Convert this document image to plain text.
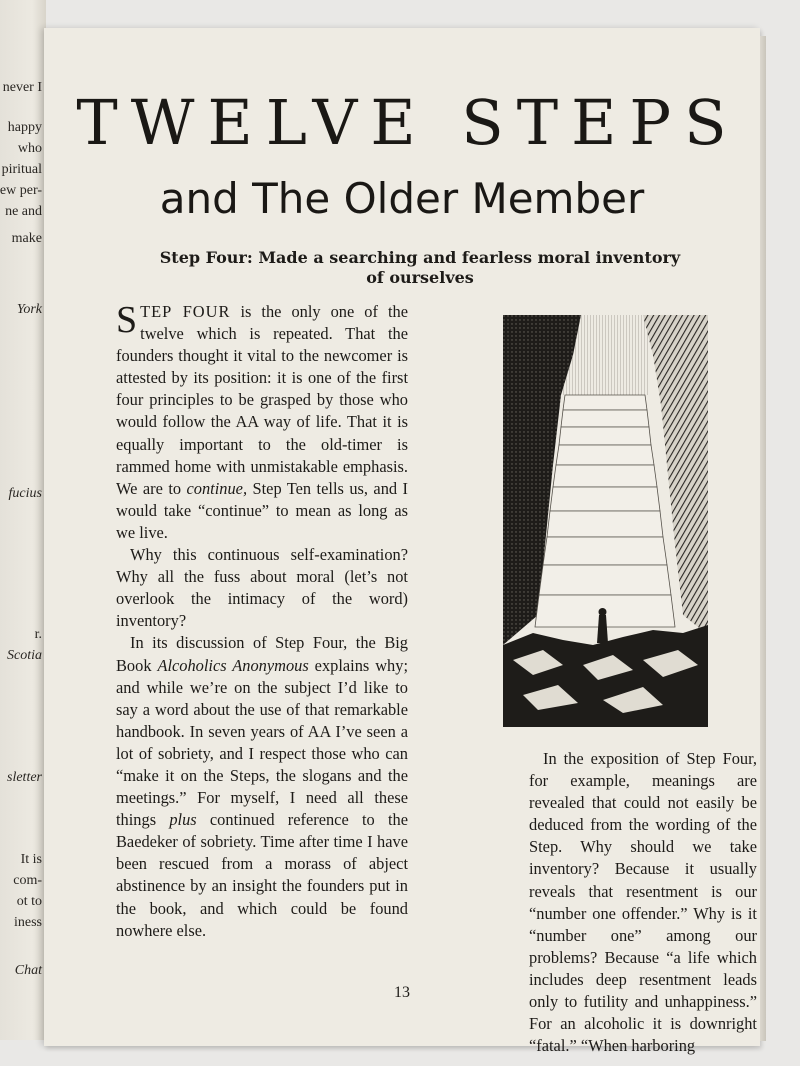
never I
happy
who
piritual
ew per-
ne and
make
York
fucius
r.
Scotia
sletter
It is
com-
ot to
iness
Chat
TWELVE STEPS
and The Older Member
Step Four: Made a searching and fearless moral inventory
of ourselves

STEP FOUR is the only one of the twelve which is repeated. That the founders thought it vital to the newcomer is attested by its position: it is one of the first four principles to be grasped by those who would follow the AA way of life. That it is equally important to the old-timer is rammed home with unmistakable emphasis. We are to continue, Step Ten tells us, and I would take “continue” to mean as long as we live.

Why this continuous self-examination? Why all the fuss about moral (let’s not overlook the intimacy of the word) inventory?

In its discussion of Step Four, the Big Book Alcoholics Anonymous explains why; and while we’re on the subject I’d like to say a word about the use of that remarkable handbook. In seven years of AA I’ve seen a lot of sobriety, and I respect those who can “make it on the Steps, the slogans and the meetings.” For myself, I need all these things plus continued reference to the Baedeker of sobriety. Time after time I have been rescued from a morass of abject abstinence by an insight the founders put in the book, and which could be found nowhere else.

In the exposition of Step Four, for example, meanings are revealed that could not easily be deduced from the wording of the Step. Why should we take inventory? Because it usually reveals that resentment is our “number one offender.” Why is it “number one” among our problems? Because “a life which includes deep resentment leads only to futility and unhappiness.” For an alcoholic it is downright “fatal.” “When harboring

13
